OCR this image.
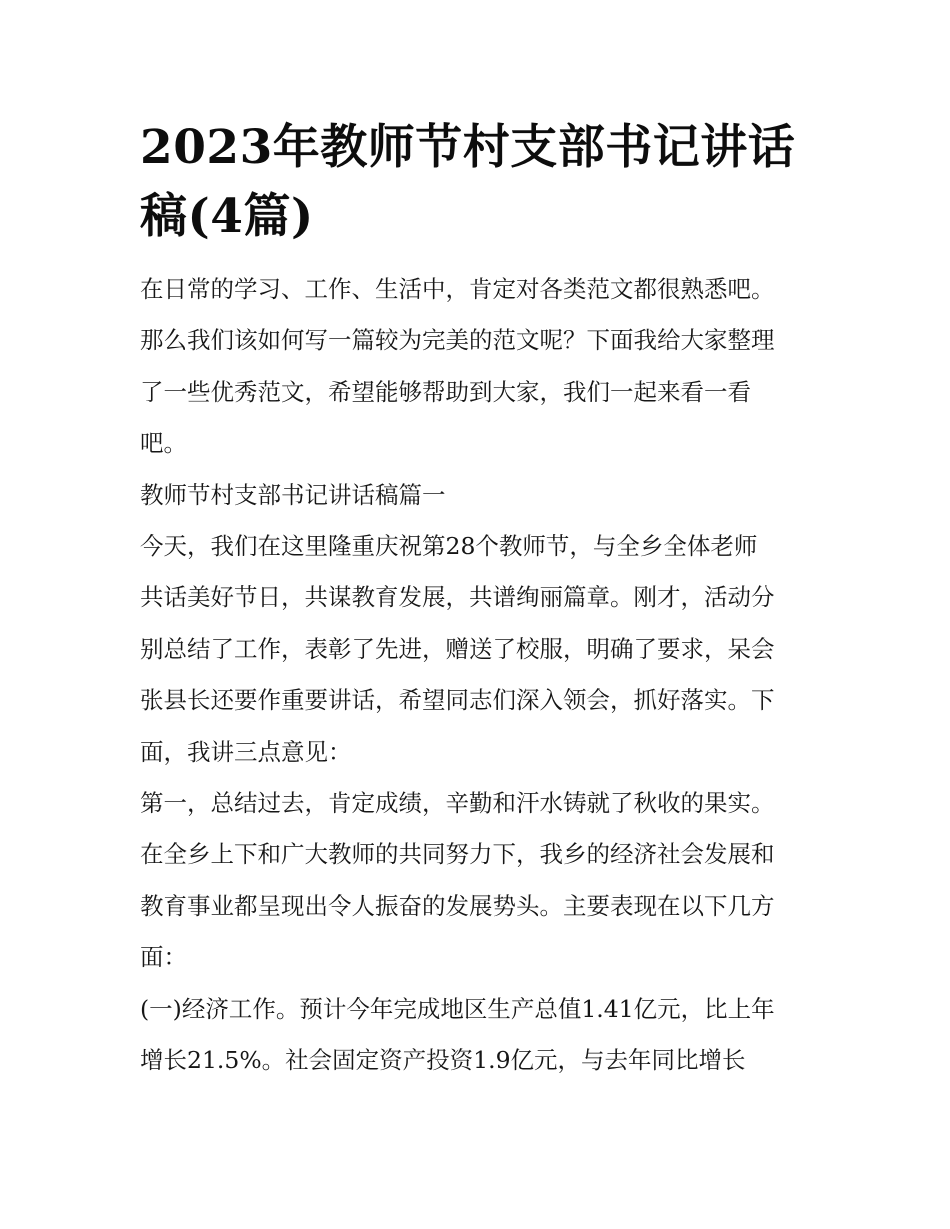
2023年教师节村支部书记讲话
稿(4篇)

在日常的学习、工作、生活中，肯定对各类范文都很熟悉吧。
那么我们该如何写一篇较为完美的范文呢？下面我给大家整理
了一些优秀范文，希望能够帮助到大家，我们一起来看一看
吧。

教师节村支部书记讲话稿篇一

今天，我们在这里隆重庆祝第28个教师节，与全乡全体老师
共话美好节日，共谋教育发展，共谱绚丽篇章。刚才，活动分
别总结了工作，表彰了先进，赠送了校服，明确了要求，呆会
张县长还要作重要讲话，希望同志们深入领会，抓好落实。下
面，我讲三点意见：

第一，总结过去，肯定成绩，辛勤和汗水铸就了秋收的果实。
在全乡上下和广大教师的共同努力下，我乡的经济社会发展和
教育事业都呈现出令人振奋的发展势头。主要表现在以下几方
面：

(一)经济工作。预计今年完成地区生产总值1.41亿元，比上年
增长21.5%。社会固定资产投资1.9亿元，与去年同比增长
